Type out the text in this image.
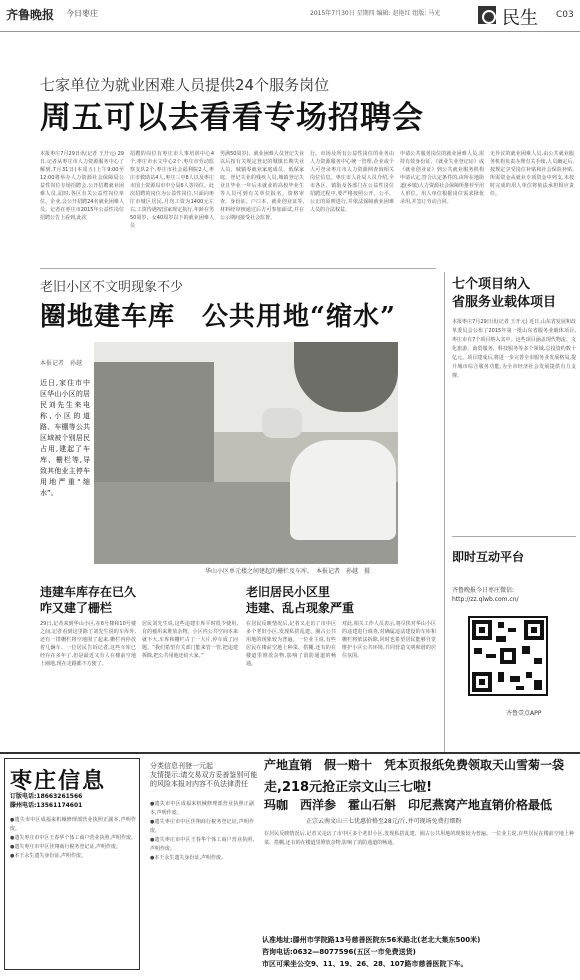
齐鲁晚报 今日枣庄	2015年7月30日 星期四 编辑: 赵艳红 组版: 马光	民生 C03
七家单位为就业困难人员提供24个服务岗位
周五可以去看看专场招聘会
本报枣庄7月29日讯(记者 王开元) 29日,记者从枣庄市人力资源服务中心了解到,7月31日(本周五)上午9:00至12:00将举办人力资源社会保障局公益性岗位专场招聘会,公开招聘就业困难人员,届时,各区有关公益性岗位单位、企业,会公开招聘24名就业困难人员。记者在枣庄市2015年公益性岗位招聘公告上看到,此次
招聘的岗位有枣庄市人事培训中心4个,枣庄市水文中心2个,枣庄市劳动监察支队2个,枣庄市社会福利院2人,枣庄市救助站4人,枣庄三中8人以及枣庄市国土资源局市中分局6人等岗位。此次招聘的岗位为公益性岗位,只面向枣庄市城区居民,月均工资为1400元左右,工资待遇按国家规定执行,年龄在男50周岁、女40周岁以下的就业困难人员
男满50周岁)、就业困难人员登记失业以后按有关规定登记的城镇长期失业人员、城镇零就业家庭成员、低保家庭、登记失业的残疾人员,城镇登记失业且毕业一年后未就业的高校毕业生等人员可到有关单位报名。资格审查、身份证、户口本、就业创业证等,材料经审核通过后方可参加面试,并在公示期间接受社会监督。
行。市场及所有公益性岗位的业务由人力资源服务中心统一管理,企业或个人可登录枣庄市人力资源网查询相关岗位信息。枣庄市人社局人员介绍,全市各区、镇街及各部门在公益性岗位招聘过程中,要严格按照公开、公平、公正的原则进行,并依法保障就业困难人员的合法权益。
申请公共服务岗位的就业困难人员,需持有效身份证、《就业失业登记证》或《就业创业证》到公共就业服务机构申请认定,符合认定条件的,由所在地街道(乡镇)人力资源社会保障所推荐至用人单位。用人单位根据岗位需求择优录用,并签订劳动合同。
无异议的就业困难人员,由公共就业服务机构负责办理有关手续,人员确定后,按规定享受岗位补贴和社会保险补贴,所需资金从就业专项资金中列支,未按时完成的用人单位将依法承担相应责任。
老旧小区不文明现象不少
圈地建车库　公共用地“缩水”
本报记者　孙越
近日,家住市中区华山小区的居民刘先生来电称,小区的道路、车棚等公共区域被个别居民占用,建起了车库、栅栏等,导致其他业主停车用地严重“缩水”。
华山小区单元楼之间建起的栅栏及车库。　本报记者　孙越　摄
违建车库存在已久
咋又建了栅栏
老旧居民小区里
违建、乱占现象严重
29日,记者来到华山小区,在6号楼和10号楼之间,记者看到这里除了刘先生说的车库外,还有一排栅栏将空地围了起来,栅栏内停放着几辆车。一位居民告诉记者,这些车库已经存在多年了,但是最近又有人在楼前空地上圈地,现在走路都不方便了。
居民刘先生说,这些违建车库平时很少使用,有的被用来堆放杂物。小区内公共空间本来就不大,车库和栅栏占了一大片,停车成了问题。“我们希望有关部门能来管一管,把违建拆除,把公共用地还给大家。”
在居民反映情况后,记者又走访了市中区多个老旧小区,发现私搭乱建、圈占公共用地的现象较为普遍。一位业主说,有些居民在楼前空地上种菜、搭棚,还有的在楼道里堆放杂物,影响了消防通道的畅通。
对此,相关工作人员表示,将尽快对华山小区的违建进行调查,对确属违法建设的车库和栅栏将依法拆除,同时也希望居民能够自觉维护小区公共环境,共同营造文明和谐的居住氛围。
七个项目纳入
省服务业载体项目
本报枣庄7月29日讯(记者 王开元) 近日,山东省发展和改革委员会公布了2015年第一批山东省服务业载体项目,枣庄市有7个项目纳入其中。这些项目涵盖现代物流、文化旅游、商贸服务、科技服务等多个领域,总投资约数十亿元。项目建成后,将进一步完善全市服务业发展格局,提升城市综合服务功能,为全市经济社会发展提供有力支撑。
即时互动平台
齐鲁晚报今日枣庄微信:
http://zz.qlwb.com.cn/
齐鲁壹点APP
枣庄信息
订版电话:18663261566
滕州电话:13561174601
●遗失市中区成福来机械修理部营业执照正副本,声明作废。
●遗失枣庄市中区王春华个体工商户营业执照,声明作废。
●遗失枣庄市中区佳翔商行税务登记证,声明作废。
●本王永生遗失身份证,声明作废。
分类信息刊登一元起
友情提示:请交易双方妥善鉴别可能的风险本报对内容不负法律责任
●遗失市中区成福来机械修理部营业执照正副本,声明作废。
●遗失枣庄市中区佳翔商行税务登记证,声明作废。
●遗失枣庄市中区王春华个体工商户营业执照,声明作废。
●本王永生遗失身份证,声明作废。
产地直销　假一赔十　凭本页报纸免费领取天山雪菊一袋
走,218元抢正宗文山三七啦!
玛咖　西洋参　霍山石斛　印尼燕窝产地直销价格最低
正宗云南文山三七优惠价格至28元/斤,并可现场免费打细粉
在居民反映情况后,记者又走访了市中区多个老旧小区,发现私搭乱建、圈占公共用地的现象较为普遍。一位业主说,有些居民在楼前空地上种菜、搭棚,还有的在楼道里堆放杂物,影响了消防通道的畅通。
认准地址:滕州市学院路13号慈善医院东56米路北(老北大集东500米)
咨询电话:0632—8077596(五区一市免费送货)
市区可乘坐公交9、11、19、26、28、107路市慈善医院下车。
